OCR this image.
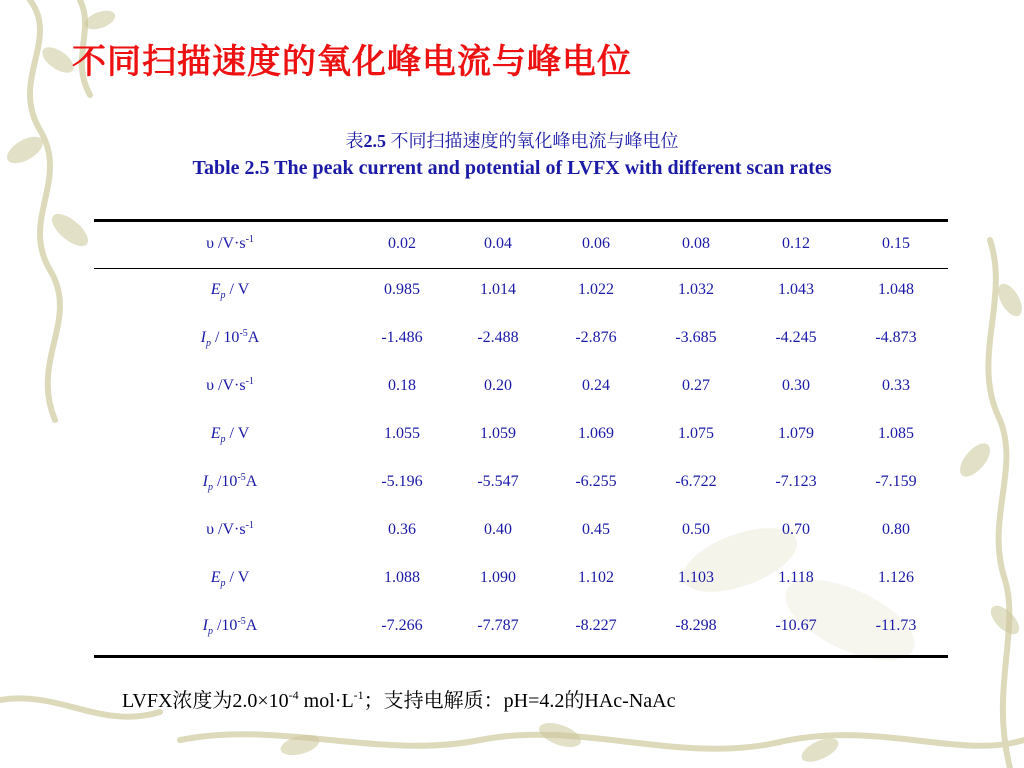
不同扫描速度的氧化峰电流与峰电位
表2.5 不同扫描速度的氧化峰电流与峰电位
Table 2.5 The peak current and potential of LVFX with different scan rates
υ $/V\cdot s^{-1}$	0.02	0.04	0.06	0.08	0.12	0.15
$E_p$ / V	0.985	1.014	1.022	1.032	1.043	1.048
$I_p / 10^{-5}A$	-1.486	-2.488	-2.876	-3.685	-4.245	-4.873
υ $/V\cdot s^{-1}$	0.18	0.20	0.24	0.27	0.30	0.33
$E_p$ / V	1.055	1.059	1.069	1.075	1.079	1.085
$I_p$ $/10^{-5}A$	-5.196	-5.547	-6.255	-6.722	-7.123	-7.159
υ $/V\cdot s^{-1}$	0.36	0.40	0.45	0.50	0.70	0.80
$E_p$ / V	1.088	1.090	1.102	1.103	1.118	1.126
$I_p$ $/10^{-5}A$	-7.266	-7.787	-8.227	-8.298	-10.67	-11.73
LVFX浓度为$2.0\times 10^{-4}$ $mol\cdot L^{-1}$；支持电解质：pH=4.2的HAc-NaAc
